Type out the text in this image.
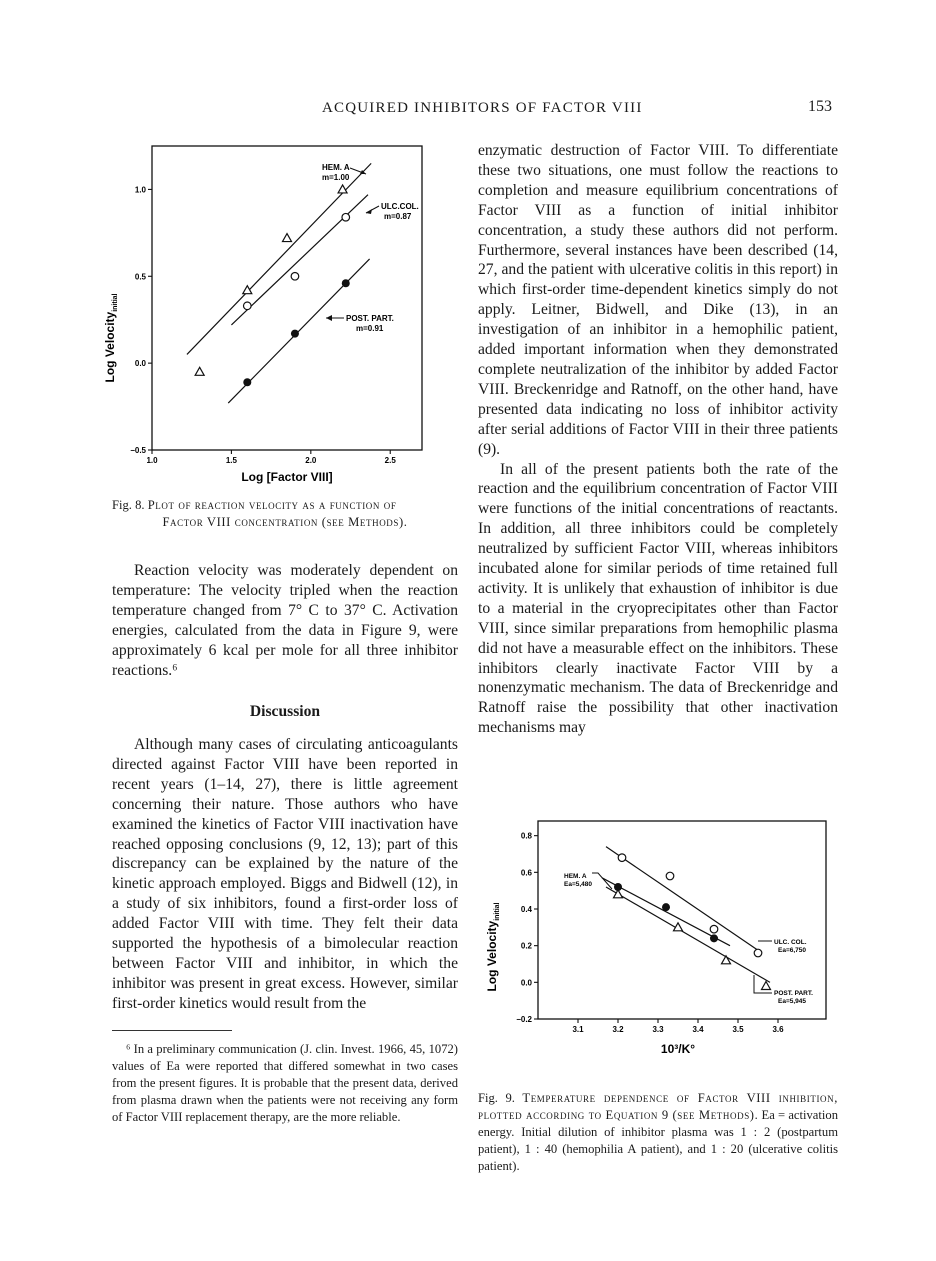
ACQUIRED INHIBITORS OF FACTOR VIII	153
1.0
0.5
0.0
−0.5
1.0	1.5	2.0	2.5
Log Velocity$_{initial}$
Log [Factor VIII]
HEM. A
m=1.00
ULC.COL.
m=0.87
POST. PART.
m=0.91
Fig. 8. Plot of reaction velocity as a function of
Factor VIII concentration (see Methods).

Reaction velocity was moderately dependent on temperature: The velocity tripled when the reaction temperature changed from 7° C to 37° C. Activation energies, calculated from the data in Figure 9, were approximately 6 kcal per mole for all three inhibitor reactions.⁶

Discussion

Although many cases of circulating anticoagulants directed against Factor VIII have been reported in recent years (1–14, 27), there is little agreement concerning their nature. Those authors who have examined the kinetics of Factor VIII inactivation have reached opposing conclusions (9, 12, 13); part of this discrepancy can be explained by the nature of the kinetic approach employed. Biggs and Bidwell (12), in a study of six inhibitors, found a first-order loss of added Factor VIII with time. They felt their data supported the hypothesis of a bimolecular reaction between Factor VIII and inhibitor, in which the inhibitor was present in great excess. However, similar first-order kinetics would result from the

⁶ In a preliminary communication (J. clin. Invest. 1966, 45, 1072) values of Ea were reported that differed somewhat in two cases from the present figures. It is probable that the present data, derived from plasma drawn when the patients were not receiving any form of Factor VIII replacement therapy, are the more reliable.

enzymatic destruction of Factor VIII. To differentiate these two situations, one must follow the reactions to completion and measure equilibrium concentrations of Factor VIII as a function of initial inhibitor concentration, a study these authors did not perform. Furthermore, several instances have been described (14, 27, and the patient with ulcerative colitis in this report) in which first-order time-dependent kinetics simply do not apply. Leitner, Bidwell, and Dike (13), in an investigation of an inhibitor in a hemophilic patient, added important information when they demonstrated complete neutralization of the inhibitor by added Factor VIII. Breckenridge and Ratnoff, on the other hand, have presented data indicating no loss of inhibitor activity after serial additions of Factor VIII in their three patients (9).

In all of the present patients both the rate of the reaction and the equilibrium concentration of Factor VIII were functions of the initial concentrations of reactants. In addition, all three inhibitors could be completely neutralized by sufficient Factor VIII, whereas inhibitors incubated alone for similar periods of time retained full activity. It is unlikely that exhaustion of inhibitor is due to a material in the cryoprecipitates other than Factor VIII, since similar preparations from hemophilic plasma did not have a measurable effect on the inhibitors. These inhibitors clearly inactivate Factor VIII by a nonenzymatic mechanism. The data of Breckenridge and Ratnoff raise the possibility that other inactivation mechanisms may

0.8
0.6
0.4
0.2
0.0
−0.2
3.1	3.2	3.3	3.4	3.5	3.6
Log Velocity$_{initial}$
10³/K°
HEM. A
Ea=5,480
ULC. COL.
Ea=6,750
POST. PART.
Ea=5,945
Fig. 9. Temperature dependence of Factor VIII inhibition, plotted according to Equation 9 (see Methods). Ea = activation energy. Initial dilution of inhibitor plasma was 1 : 2 (postpartum patient), 1 : 40 (hemophilia A patient), and 1 : 20 (ulcerative colitis patient).
